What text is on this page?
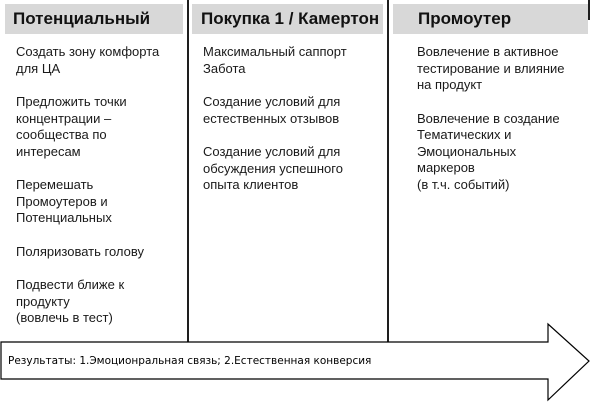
Потенциальный	Покупка 1 / Камертон	Промоутер
Создать зону комфорта
для ЦА
Предложить точки
концентрации –
сообщества по
интересам
Перемешать
Промоутеров и
Потенциальных
Поляризовать голову
Подвести ближе к
продукту
(вовлечь в тест)
Максимальный саппорт
Забота
Создание условий для
естественных отзывов
Создание условий для
обсуждения успешного
опыта клиентов
Вовлечение в активное
тестирование и влияние
на продукт
Вовлечение в создание
Тематических и
Эмоциональных
маркеров
(в т.ч. событий)
Результаты: 1.Эмоционральная связь; 2.Естественная конверсия
